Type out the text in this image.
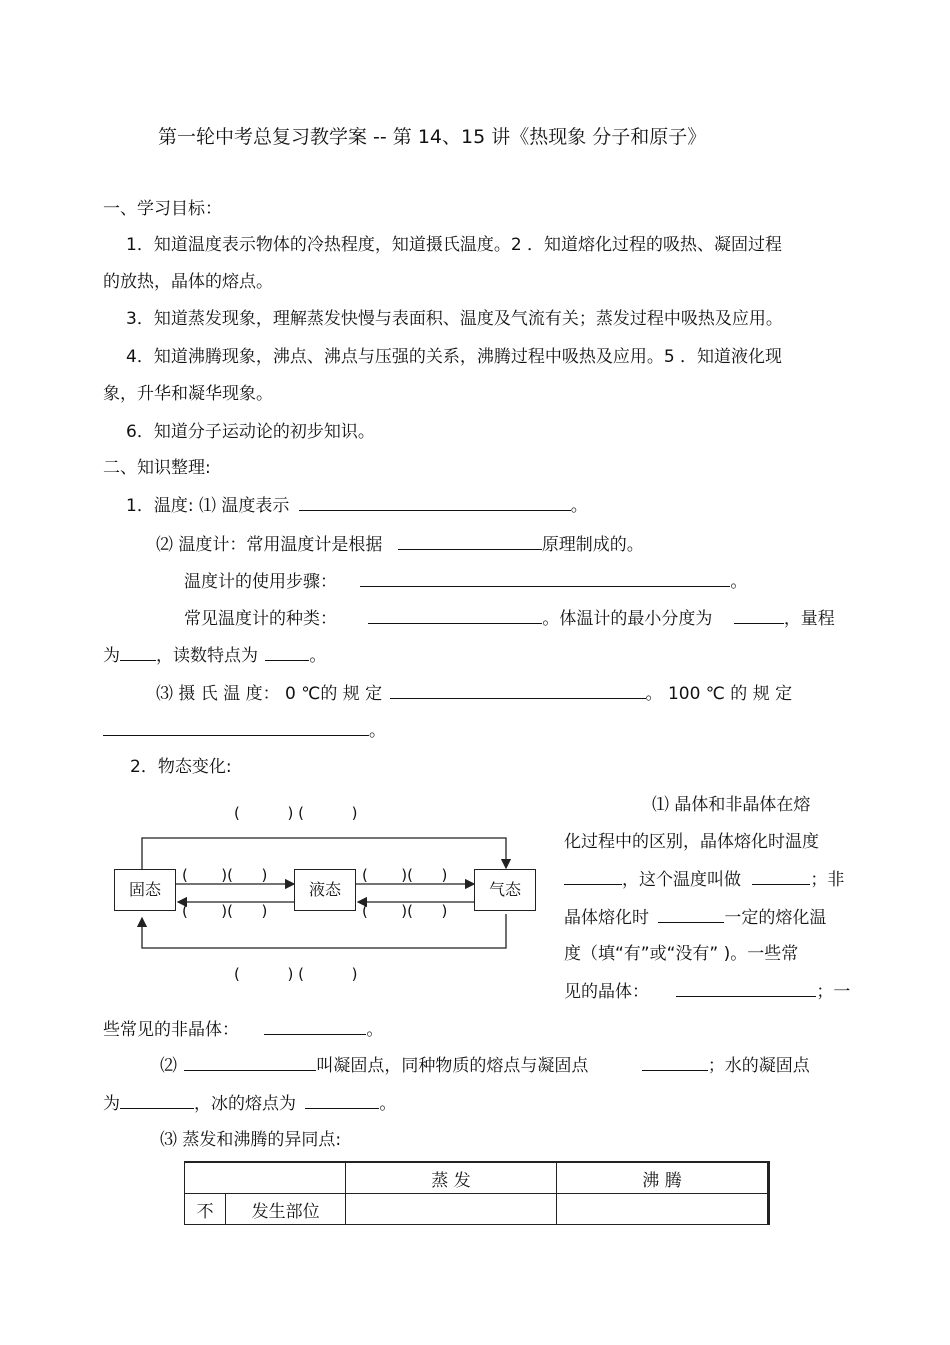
第一轮中考总复习教学案 -- 第 14、15 讲《热现象 分子和原子》
一、学习目标：
1．知道温度表示物体的冷热程度，知道摄氏温度。2 ．知道熔化过程的吸热、凝固过程
的放热，晶体的熔点。
3．知道蒸发现象，理解蒸发快慢与表面积、温度及气流有关；蒸发过程中吸热及应用。
4．知道沸腾现象，沸点、沸点与压强的关系，沸腾过程中吸热及应用。5 ．知道液化现
象，升华和凝华现象。
6．知道分子运动论的初步知识。
二、知识整理:
1．温度: ⑴ 温度表示	。
⑵ 温度计：常用温度计是根据	原理制成的。
温度计的使用步骤：	。
常见温度计的种类：	。体温计的最小分度为	，量程
为 ，读数特点为	。
⑶ 摄 氏 温 度： 0 ℃的 规 定	。 100 ℃ 的 规 定
。
2．物态变化:
固态	液态	气态
(          ) (          )
(          ) (          )
(       )(      )
(       )(      )
(       )(      )
(       )(      )
⑴ 晶体和非晶体在熔
化过程中的区别，晶体熔化时温度
，这个温度叫做	；非
晶体熔化时	一定的熔化温
度（填“有”或“没有” )。一些常
见的晶体：	；一
些常见的非晶体：	。
⑵	叫凝固点，同种物质的熔点与凝固点	；水的凝固点
为	，冰的熔点为	。
⑶ 蒸发和沸腾的异同点:
		蒸 发	沸 腾
不	发生部位		
